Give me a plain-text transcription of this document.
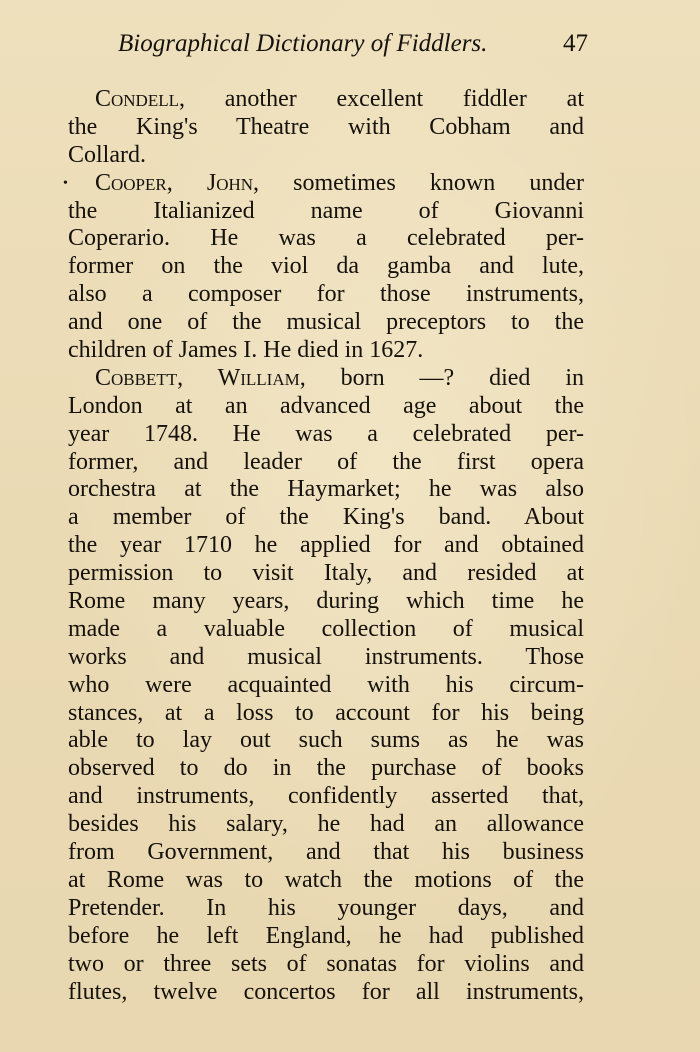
Biographical Dictionary of Fiddlers.	47
Condell, another excellent fiddler at
the King's Theatre with Cobham and
Collard.
•	Cooper, John, sometimes known under
the Italianized name of Giovanni
Coperario. He was a celebrated per-
former on the viol da gamba and lute,
also a composer for those instruments,
and one of the musical preceptors to the
children of James I. He died in 1627.
Cobbett, William, born —? died in
London at an advanced age about the
year 1748. He was a celebrated per-
former, and leader of the first opera
orchestra at the Haymarket; he was also
a member of the King's band. About
the year 1710 he applied for and obtained
permission to visit Italy, and resided at
Rome many years, during which time he
made a valuable collection of musical
works and musical instruments. Those
who were acquainted with his circum-
stances, at a loss to account for his being
able to lay out such sums as he was
observed to do in the purchase of books
and instruments, confidently asserted that,
besides his salary, he had an allowance
from Government, and that his business
at Rome was to watch the motions of the
Pretender. In his younger days, and
before he left England, he had published
two or three sets of sonatas for violins and
flutes, twelve concertos for all instruments,
